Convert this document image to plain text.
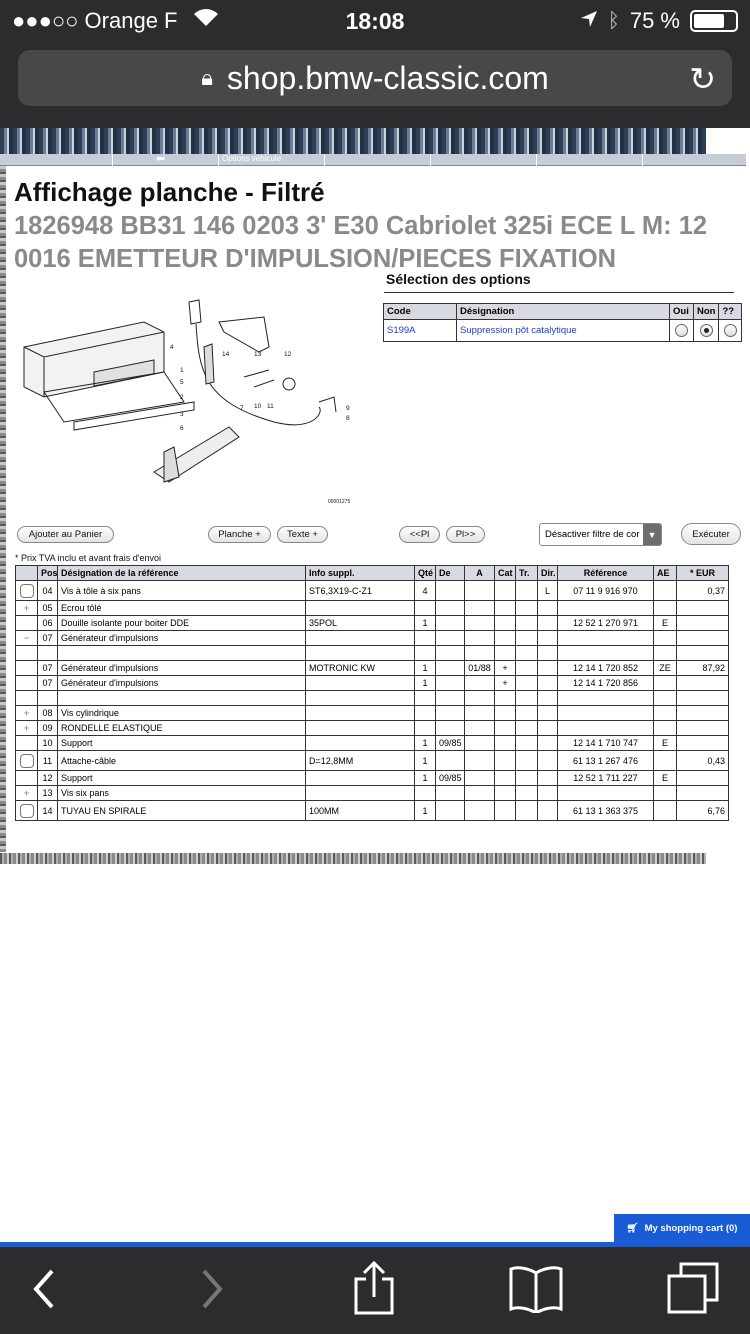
●●●○○ Orange F	18:08	ᛒ 75 %
🔒︎ shop.bmw-classic.com	↻
⬅	Options véhicule
Affichage planche - Filtré
1826948 BB31 146 0203 3' E30 Cabriolet 325i ECE L M: 12 0016 EMETTEUR D'IMPULSION/PIECES FIXATION
Sélection des options
Code	Désignation	Oui	Non	??
S199A	Suppression pôt catalytique			
4
1
5
2
3
6
14	13	12
7 10 11	9
8
00001275
Ajouter au Panier	Planche +	Texte +	<<Pl	Pl>>	Désactiver filtre de cor ▼	Exécuter
* Prix TVA inclu et avant frais d'envoi
	Pos	Désignation de la référence	Info suppl.	Qté	De	A	Cat	Tr.	Dir.	Référence	AE	* EUR
	04	Vis à tôle à six pans	ST6,3X19-C-Z1	4					L	07 11 9 916 970		0,37
+	05	Ecrou tôlé										
	06	Douille isolante pour boiter DDE	35POL	1						12 52 1 270 971	E	
−	07	Générateur d'impulsions										

	07	Générateur d'impulsions	MOTRONIC KW	1		01/88	+			12 14 1 720 852	ZE	87,92
	07	Générateur d'impulsions		1			+			12 14 1 720 856		

+	08	Vis cylindrique										
+	09	RONDELLE ELASTIQUE										
	10	Support		1	09/85					12 14 1 710 747	E	
	11	Attache-câble	D=12,8MM	1						61 13 1 267 476		0,43
	12	Support		1	09/85					12 52 1 711 227	E	
+	13	Vis six pans										
	14	TUYAU EN SPIRALE	100MM	1						61 13 1 363 375		6,76
🛒︎ My shopping cart (0)
